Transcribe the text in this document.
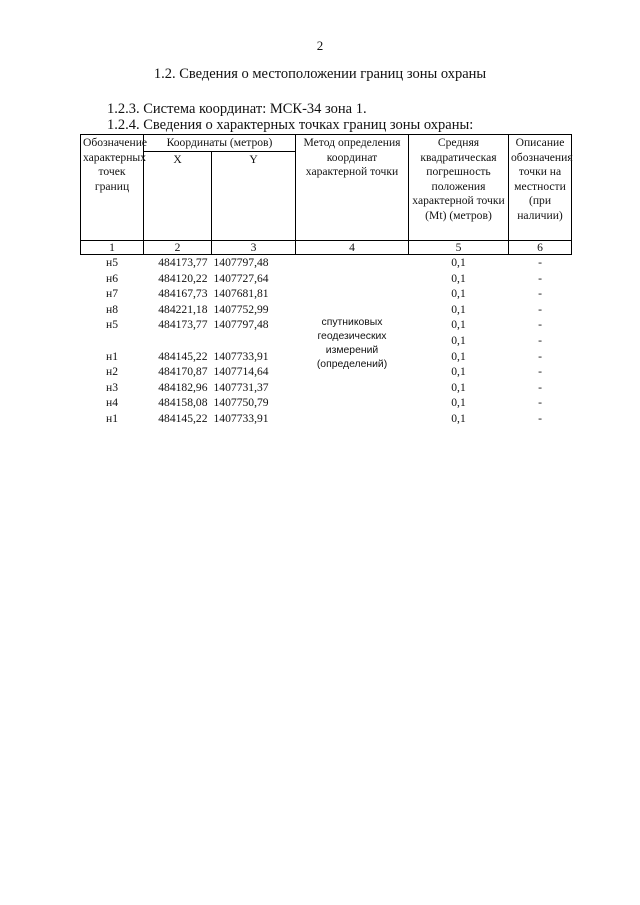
2
1.2. Сведения о местоположении границ зоны охраны
1.2.3. Система координат: МСК-34 зона 1.
1.2.4. Сведения о характерных точках границ зоны охраны:
Обозначение характерных точек границ	Координаты (метров)		Метод определения координат характерной точки	Средняя квадратическая погрешность положения характерной точки (Mt) (метров)	Описание обозначения точки на местности (при наличии)

	X	Y			

1	2	3	4	5	6
н5	484173,77	1407797,48	спутниковых геодезических измерений (определений)	0,1	-
н6	484120,22	1407727,64		0,1	-
н7	484167,73	1407681,81		0,1	-
н8	484221,18	1407752,99		0,1	-
н5	484173,77	1407797,48		0,1	-
				0,1	-
н1	484145,22	1407733,91		0,1	-
н2	484170,87	1407714,64		0,1	-
н3	484182,96	1407731,37		0,1	-
н4	484158,08	1407750,79		0,1	-
н1	484145,22	1407733,91		0,1	-
